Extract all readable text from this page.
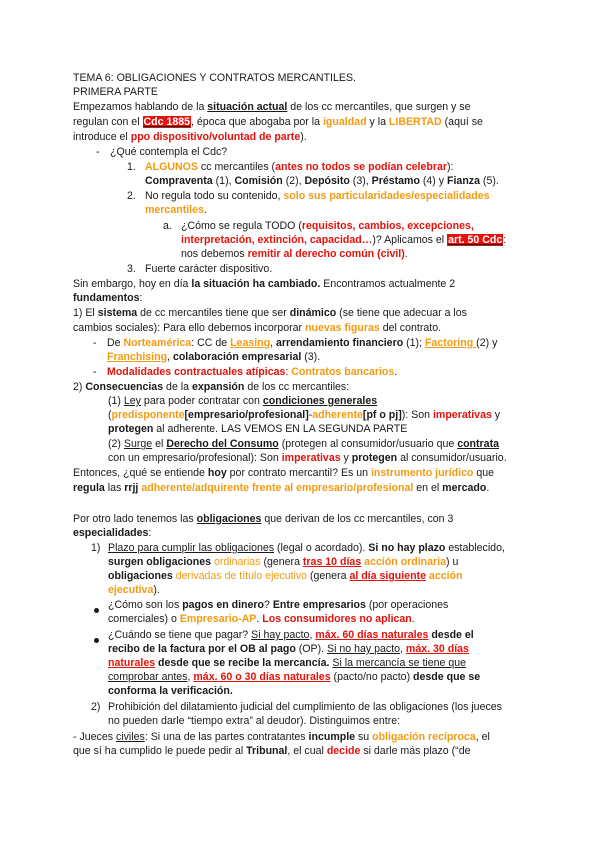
TEMA 6: OBLIGACIONES Y CONTRATOS MERCANTILES.
PRIMERA PARTE
Empezamos hablando de la situación actual de los cc mercantiles, que surgen y se
regulan con el Cdc 1885, época que abogaba por la igualdad y la LIBERTAD (aquí se
introduce el ppo dispositivo/voluntad de parte).
- ¿Qué contempla el Cdc?
1. ALGUNOS cc mercantiles (antes no todos se podían celebrar):
Compraventa (1), Comisión (2), Depósito (3), Préstamo (4) y Fianza (5).
2. No regula todo su contenido, solo sus particularidades/especialidades
mercantiles.
a. ¿Cómo se regula TODO (requisitos, cambios, excepciones,
interpretación, extinción, capacidad…)? Aplicamos el art. 50 Cdc:
nos debemos remitir al derecho común (civil).
3. Fuerte carácter dispositivo.
Sin embargo, hoy en día la situación ha cambiado. Encontramos actualmente 2
fundamentos:
1) El sistema de cc mercantiles tiene que ser dinámico (se tiene que adecuar a los
cambios sociales): Para ello debemos incorporar nuevas figuras del contrato.
- De Norteamérica: CC de Leasing, arrendamiento financiero (1); Factoring (2) y
Franchising, colaboración empresarial (3).
- Modalidades contractuales atípicas: Contratos bancarios.
2) Consecuencias de la expansión de los cc mercantiles:
(1) Ley para poder contratar con condiciones generales
(predisponente[empresario/profesional]-adherente[pf o pj]): Son imperativas y
protegen al adherente. LAS VEMOS EN LA SEGUNDA PARTE
(2) Surge el Derecho del Consumo (protegen al consumidor/usuario que contrata
con un empresario/profesional): Son imperativas y protegen al consumidor/usuario.
Entonces, ¿qué se entiende hoy por contrato mercantil? Es un instrumento jurídico que
regula las rrjj adherente/adquirente frente al empresario/profesional en el mercado.
Por otro lado tenemos las obligaciones que derivan de los cc mercantiles, con 3
especialidades:
1) Plazo para cumplir las obligaciones (legal o acordado). Si no hay plazo establecido,
surgen obligaciones ordinarias (genera tras 10 días acción ordinaria) u
obligaciones derivadas de título ejecutivo (genera al día siguiente acción
ejecutiva).
¿Cómo son los pagos en dinero? Entre empresarios (por operaciones
comerciales) o Empresario-AP. Los consumidores no aplican.
¿Cuándo se tiene que pagar? Si hay pacto, máx. 60 días naturales desde el
recibo de la factura por el OB al pago (OP). Si no hay pacto, máx. 30 días
naturales desde que se recibe la mercancía. Si la mercancía se tiene que
comprobar antes, máx. 60 o 30 días naturales (pacto/no pacto) desde que se
conforma la verificación.
2) Prohibición del dilatamiento judicial del cumplimiento de las obligaciones (los jueces
no pueden darle “tiempo extra” al deudor). Distinguimos entre:
- Jueces civiles: Si una de las partes contratantes incumple su obligación recíproca, el
que sí ha cumplido le puede pedir al Tribunal, el cual decide si darle más plazo (“de
